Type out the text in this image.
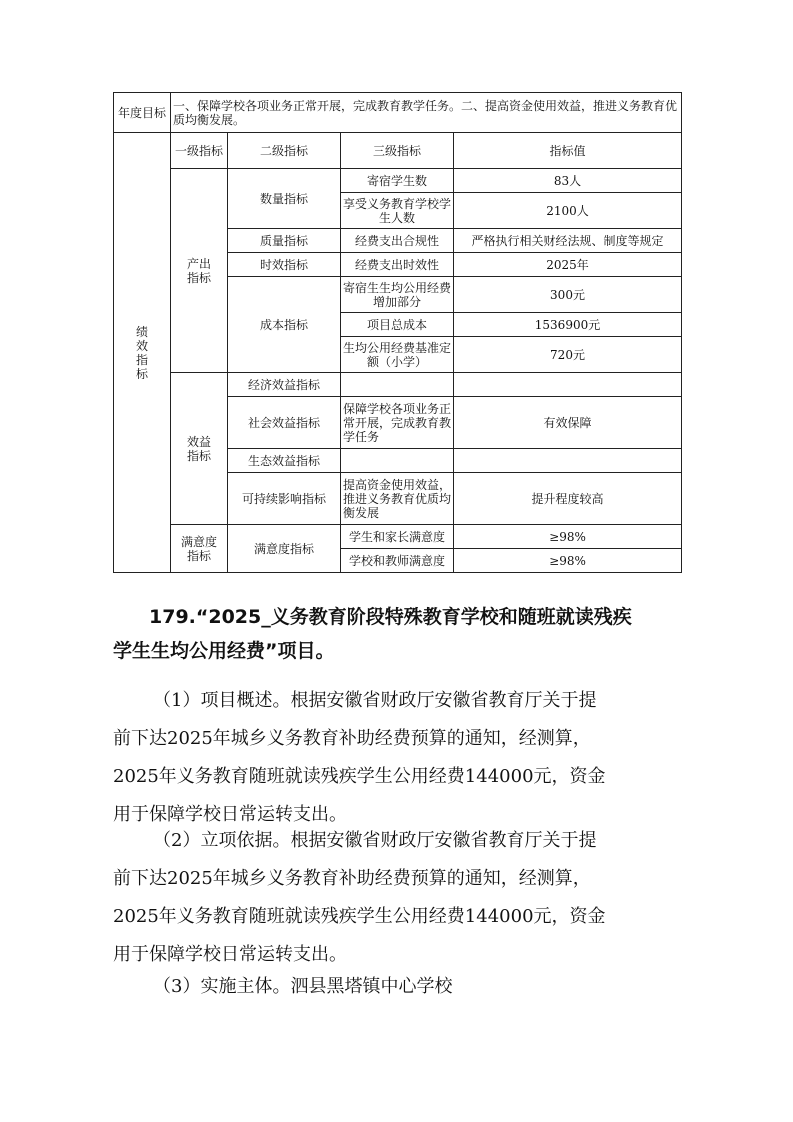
年度目标	一、保障学校各项业务正常开展，完成教育教学任务。二、提高资金使用效益，推进义务教育优质均衡发展。			
绩效指标	一级指标	二级指标	三级指标	指标值
	产出指标	数量指标	寄宿学生数	83人
			享受义务教育学校学生人数	2100人
		质量指标	经费支出合规性	严格执行相关财经法规、制度等规定
		时效指标	经费支出时效性	2025年
		成本指标	寄宿生生均公用经费增加部分	300元
			项目总成本	1536900元
			生均公用经费基准定额（小学）	720元
	效益指标	经济效益指标		
		社会效益指标	保障学校各项业务正常开展，完成教育教学任务	有效保障
		生态效益指标		
		可持续影响指标	提高资金使用效益，推进义务教育优质均衡发展	提升程度较高
	满意度指标	满意度指标	学生和家长满意度	≥98%
			学校和教师满意度	≥98%

179.“2025_义务教育阶段特殊教育学校和随班就读残疾

学生生均公用经费”项目。

（1）项目概述。根据安徽省财政厅安徽省教育厅关于提

前下达2025年城乡义务教育补助经费预算的通知，经测算，

2025年义务教育随班就读残疾学生公用经费144000元，资金

用于保障学校日常运转支出。

（2）立项依据。根据安徽省财政厅安徽省教育厅关于提

前下达2025年城乡义务教育补助经费预算的通知，经测算，

2025年义务教育随班就读残疾学生公用经费144000元，资金

用于保障学校日常运转支出。

（3）实施主体。泗县黑塔镇中心学校
